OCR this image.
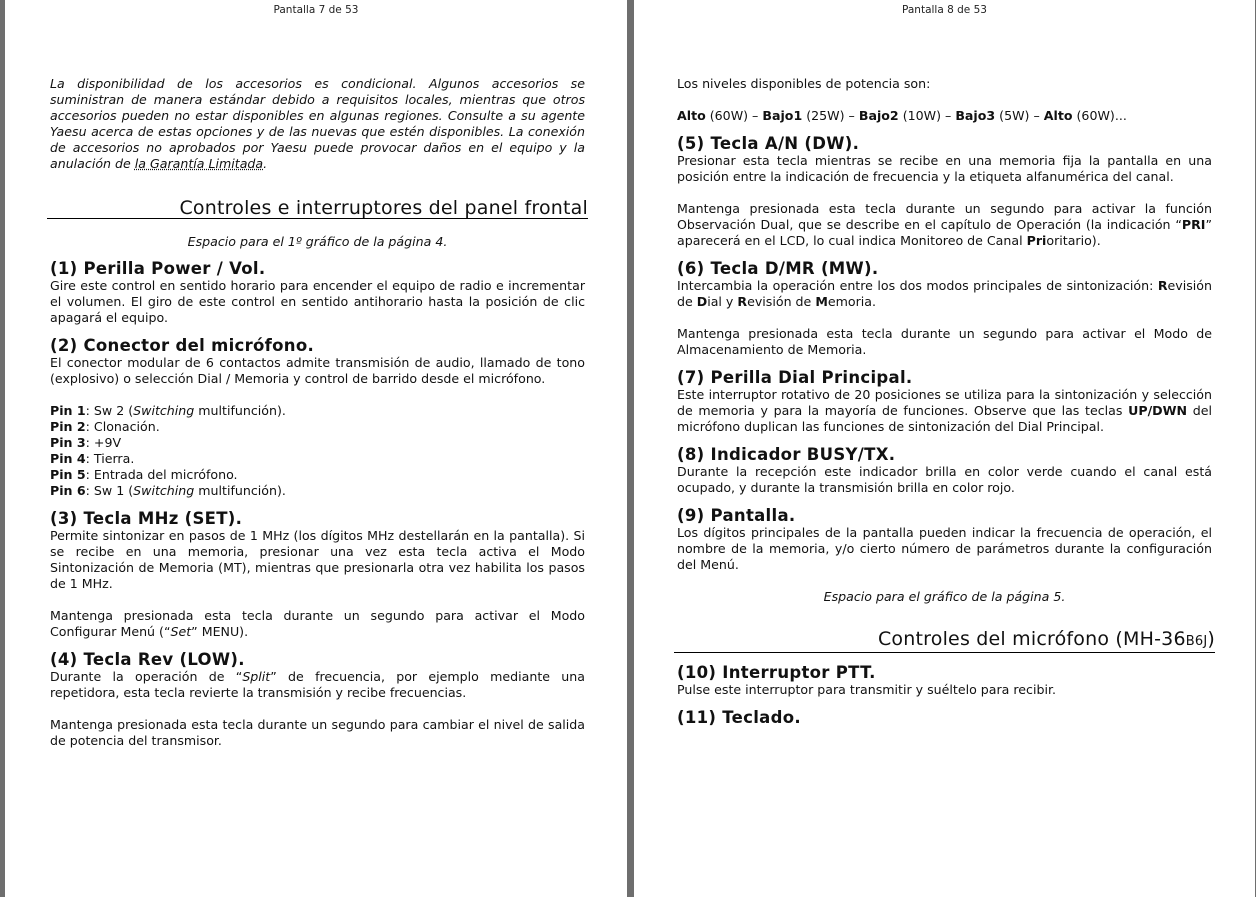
Pantalla 7 de 53

La disponibilidad de los accesorios es condicional. Algunos accesorios se suministran de manera estándar debido a requisitos locales, mientras que otros accesorios pueden no estar disponibles en algunas regiones. Consulte a su agente Yaesu acerca de estas opciones y de las nuevas que estén disponibles. La conexión de accesorios no aprobados por Yaesu puede provocar daños en el equipo y la anulación de la Garantía Limitada.

Controles e interruptores del panel frontal

Espacio para el 1º gráfico de la página 4.

(1) Perilla Power / Vol.

Gire este control en sentido horario para encender el equipo de radio e incrementar el volumen. El giro de este control en sentido antihorario hasta la posición de clic apagará el equipo.

(2) Conector del micrófono.

El conector modular de 6 contactos admite transmisión de audio, llamado de tono (explosivo) o selección Dial / Memoria y control de barrido desde el micrófono.

Pin 1: Sw 2 (Switching multifunción).

Pin 2: Clonación.

Pin 3: +9V

Pin 4: Tierra.

Pin 5: Entrada del micrófono.

Pin 6: Sw 1 (Switching multifunción).

(3) Tecla MHz (SET).

Permite sintonizar en pasos de 1 MHz (los dígitos MHz destellarán en la pantalla). Si se recibe en una memoria, presionar una vez esta tecla activa el Modo Sintonización de Memoria (MT), mientras que presionarla otra vez habilita los pasos de 1 MHz.

Mantenga presionada esta tecla durante un segundo para activar el Modo Configurar Menú (“Set” MENU).

(4) Tecla Rev (LOW).

Durante la operación de “Split” de frecuencia, por ejemplo mediante una repetidora, esta tecla revierte la transmisión y recibe frecuencias.

Mantenga presionada esta tecla durante un segundo para cambiar el nivel de salida de potencia del transmisor.

Pantalla 8 de 53

Los niveles disponibles de potencia son:

Alto (60W) – Bajo1 (25W) – Bajo2 (10W) – Bajo3 (5W) – Alto (60W)...

(5) Tecla A/N (DW).

Presionar esta tecla mientras se recibe en una memoria fija la pantalla en una posición entre la indicación de frecuencia y la etiqueta alfanumérica del canal.

Mantenga presionada esta tecla durante un segundo para activar la función Observación Dual, que se describe en el capítulo de Operación (la indicación “PRI” aparecerá en el LCD, lo cual indica Monitoreo de Canal Prioritario).

(6) Tecla D/MR (MW).

Intercambia la operación entre los dos modos principales de sintonización: Revisión de Dial y Revisión de Memoria.

Mantenga presionada esta tecla durante un segundo para activar el Modo de Almacenamiento de Memoria.

(7) Perilla Dial Principal.

Este interruptor rotativo de 20 posiciones se utiliza para la sintonización y selección de memoria y para la mayoría de funciones. Observe que las teclas UP/DWN del micrófono duplican las funciones de sintonización del Dial Principal.

(8) Indicador BUSY/TX.

Durante la recepción este indicador brilla en color verde cuando el canal está ocupado, y durante la transmisión brilla en color rojo.

(9) Pantalla.

Los dígitos principales de la pantalla pueden indicar la frecuencia de operación, el nombre de la memoria, y/o cierto número de parámetros durante la configuración del Menú.

Espacio para el gráfico de la página 5.

Controles del micrófono (MH-36B6J)
(10) Interruptor PTT.

Pulse este interruptor para transmitir y suéltelo para recibir.

(11) Teclado.
